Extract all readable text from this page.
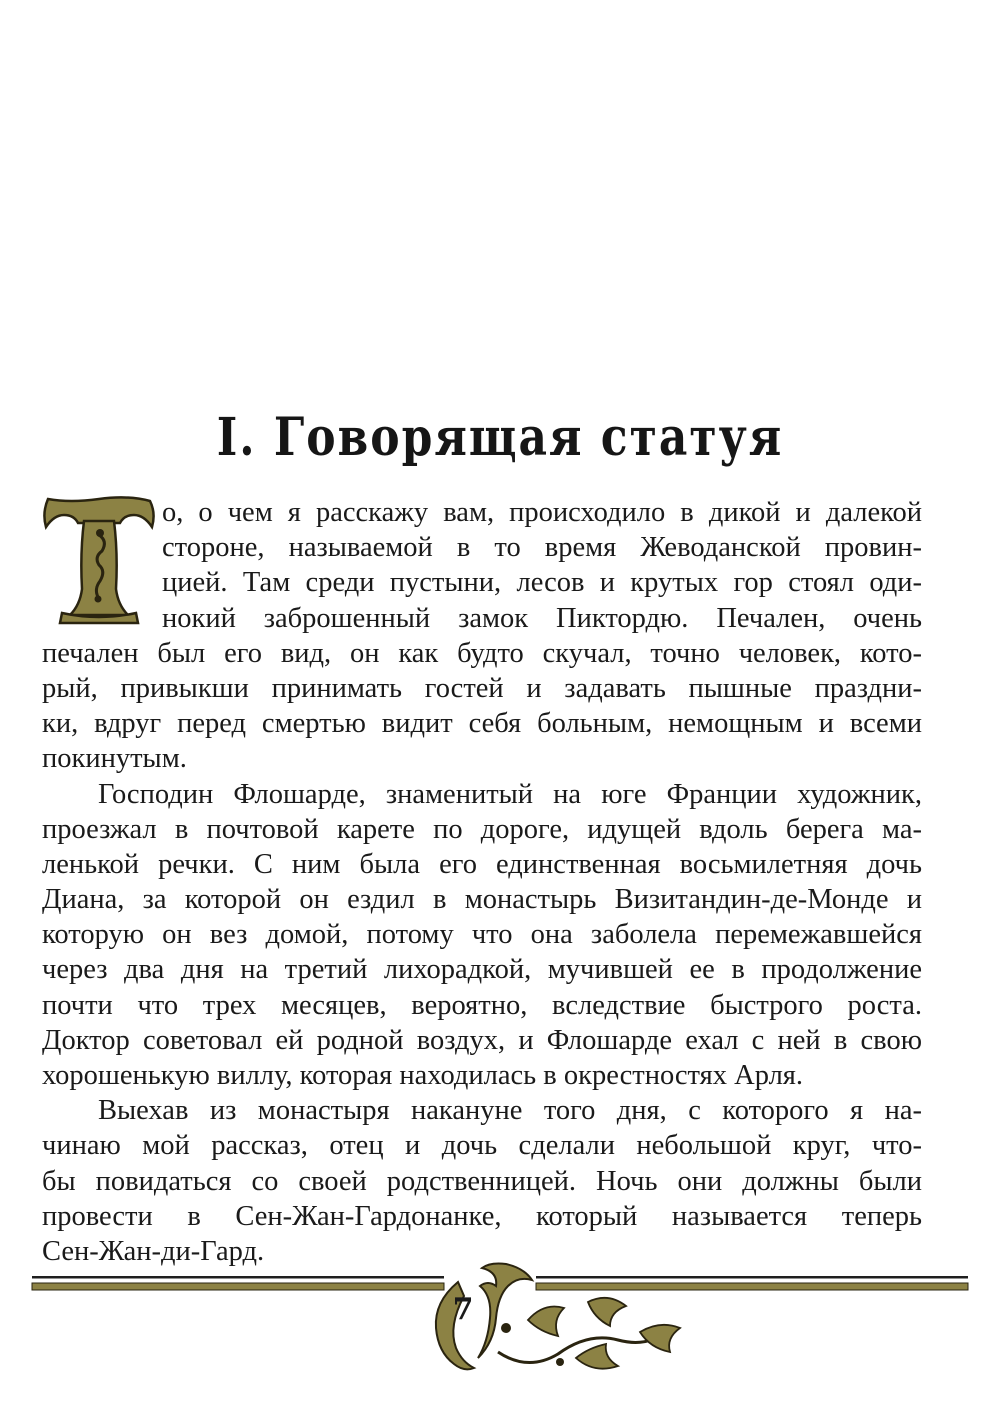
I. Говорящая статуя
о, о чем я расскажу вам, происходило в дикой и далекой
стороне, называемой в то время Жеводанской провин-
цией. Там среди пустыни, лесов и крутых гор стоял оди-
нокий заброшенный замок Пиктордю. Печален, очень
печален был его вид, он как будто скучал, точно человек, кото-
рый, привыкши принимать гостей и задавать пышные праздни-
ки, вдруг перед смертью видит себя больным, немощным и всеми
покинутым.
Господин Флошарде, знаменитый на юге Франции художник,
проезжал в почтовой карете по дороге, идущей вдоль берега ма-
ленькой речки. С ним была его единственная восьмилетняя дочь
Диана, за которой он ездил в монастырь Визитандин-де-Монде и
которую он вез домой, потому что она заболела перемежавшейся
через два дня на третий лихорадкой, мучившей ее в продолжение
почти что трех месяцев, вероятно, вследствие быстрого роста.
Доктор советовал ей родной воздух, и Флошарде ехал с ней в свою
хорошенькую виллу, которая находилась в окрестностях Арля.
Выехав из монастыря накануне того дня, с которого я на-
чинаю мой рассказ, отец и дочь сделали небольшой круг, что-
бы повидаться со своей родственницей. Ночь они должны были
провести в Сен-Жан-Гардонанке, который называется теперь
Сен-Жан-ди-Гард.
7
